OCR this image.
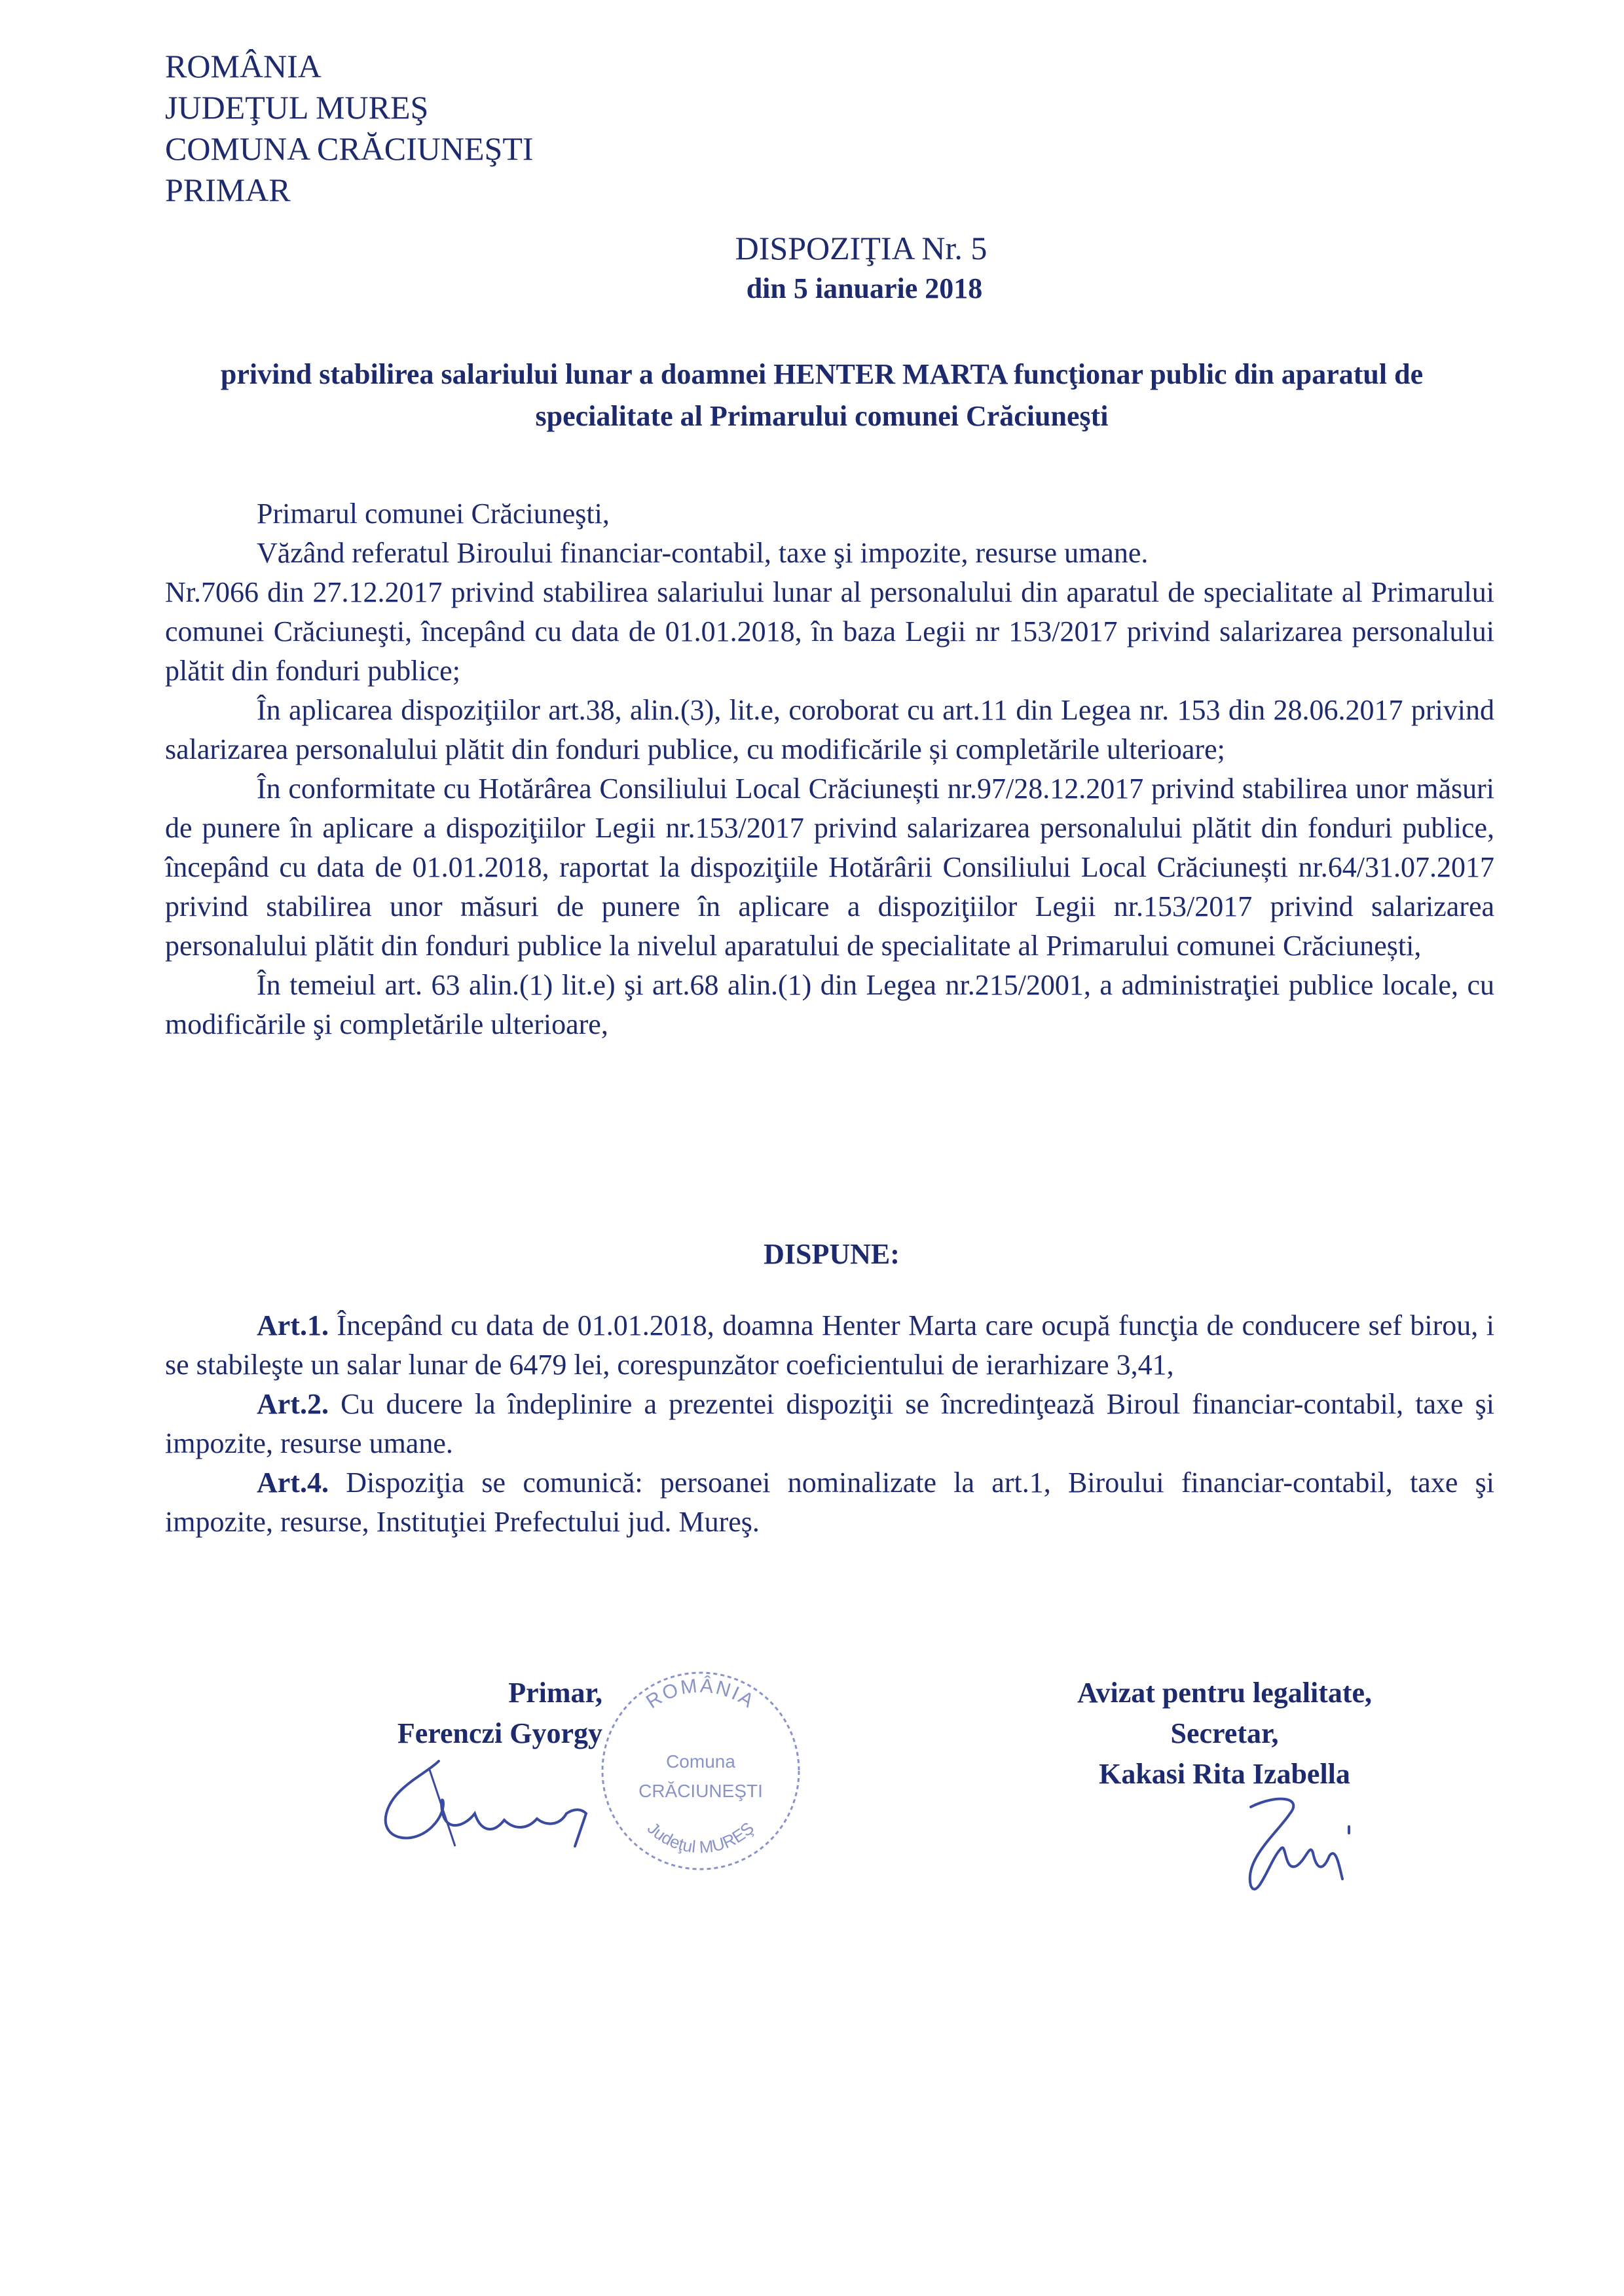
ROMÂNIA
JUDEŢUL MUREŞ
COMUNA CRĂCIUNEŞTI
PRIMAR
DISPOZIŢIA Nr. 5
din 5 ianuarie 2018
privind stabilirea salariului lunar a doamnei HENTER MARTA funcţionar public din aparatul de specialitate al Primarului comunei Crăciuneşti

Primarul comunei Crăciuneşti,

Văzând referatul Biroului financiar-contabil, taxe şi impozite, resurse umane.

Nr.7066 din 27.12.2017 privind stabilirea salariului lunar al personalului din aparatul de specialitate al Primarului comunei Crăciuneşti, începând cu data de 01.01.2018, în baza Legii nr 153/2017 privind salarizarea personalului plătit din fonduri publice;

În aplicarea dispoziţiilor art.38, alin.(3), lit.e, coroborat cu art.11 din Legea nr. 153 din 28.06.2017 privind salarizarea personalului plătit din fonduri publice, cu modificările și completările ulterioare;

În conformitate cu Hotărârea Consiliului Local Crăciunești nr.97/28.12.2017 privind stabilirea unor măsuri de punere în aplicare a dispoziţiilor Legii nr.153/2017 privind salarizarea personalului plătit din fonduri publice, începând cu data de 01.01.2018, raportat la dispoziţiile Hotărârii Consiliului Local Crăciunești nr.64/31.07.2017 privind stabilirea unor măsuri de punere în aplicare a dispoziţiilor Legii nr.153/2017 privind salarizarea personalului plătit din fonduri publice la nivelul aparatului de specialitate al Primarului comunei Crăciunești,

În temeiul art. 63 alin.(1) lit.e) şi art.68 alin.(1) din Legea nr.215/2001, a administraţiei publice locale, cu modificările şi completările ulterioare,

DISPUNE:

Art.1. Începând cu data de 01.01.2018, doamna Henter Marta care ocupă funcţia de conducere sef birou, i se stabileşte un salar lunar de 6479 lei, corespunzător coeficientului de ierarhizare 3,41,

Art.2. Cu ducere la îndeplinire a prezentei dispoziţii se încredinţează Biroul financiar-contabil, taxe şi impozite, resurse umane.

Art.4. Dispoziţia se comunică: persoanei nominalizate la art.1, Biroului financiar-contabil, taxe şi impozite, resurse, Instituţiei Prefectului jud. Mureş.

Primar,
Ferenczi Gyorgy
ROMÂNIA
Judeţul MUREŞ
Comuna
CRĂCIUNEŞTI
Avizat pentru legalitate,
Secretar,
Kakasi Rita Izabella
